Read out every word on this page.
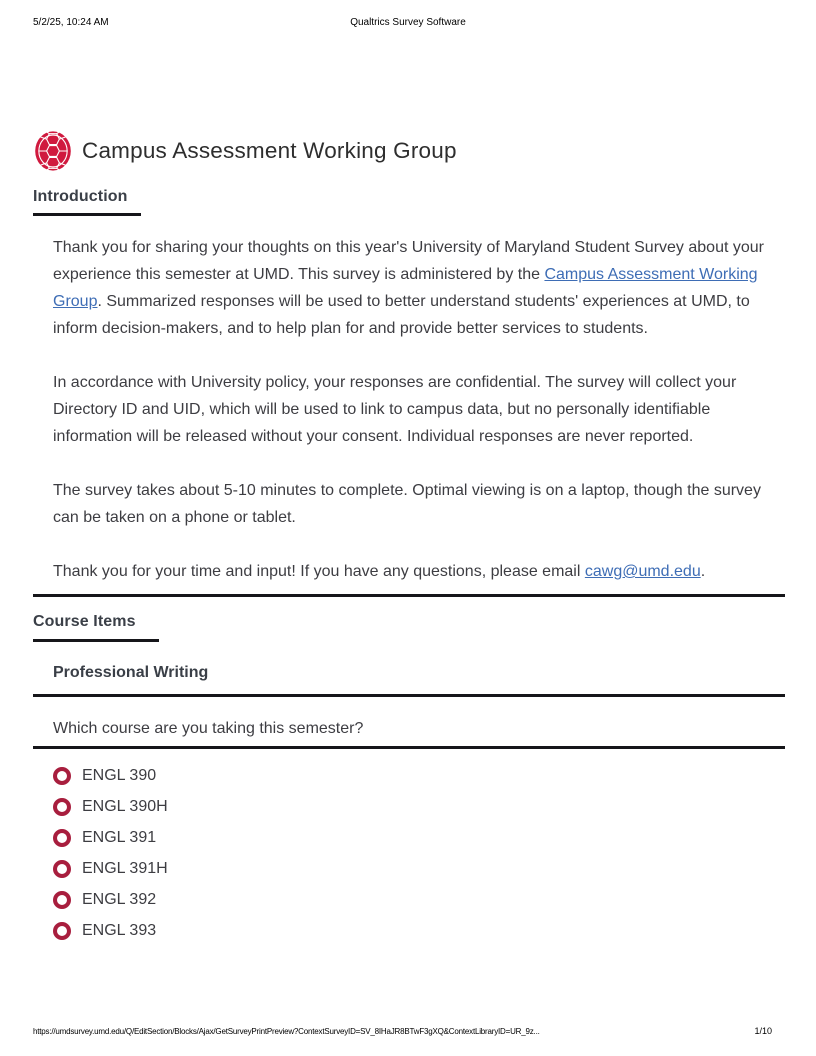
5/2/25, 10:24 AM	Qualtrics Survey Software
Campus Assessment Working Group
Introduction

Thank you for sharing your thoughts on this year's University of Maryland Student Survey about your experience this semester at UMD. This survey is administered by the Campus Assessment Working Group. Summarized responses will be used to better understand students' experiences at UMD, to inform decision-makers, and to help plan for and provide better services to students.

In accordance with University policy, your responses are confidential. The survey will collect your Directory ID and UID, which will be used to link to campus data, but no personally identifiable information will be released without your consent. Individual responses are never reported.

The survey takes about 5-10 minutes to complete. Optimal viewing is on a laptop, though the survey can be taken on a phone or tablet.

Thank you for your time and input! If you have any questions, please email cawg@umd.edu.

Course Items
Professional Writing
Which course are you taking this semester?
ENGL 390
ENGL 390H
ENGL 391
ENGL 391H
ENGL 392
ENGL 393
https://umdsurvey.umd.edu/Q/EditSection/Blocks/Ajax/GetSurveyPrintPreview?ContextSurveyID=SV_8IHaJR8BTwF3gXQ&ContextLibraryID=UR_9z...	1/10
